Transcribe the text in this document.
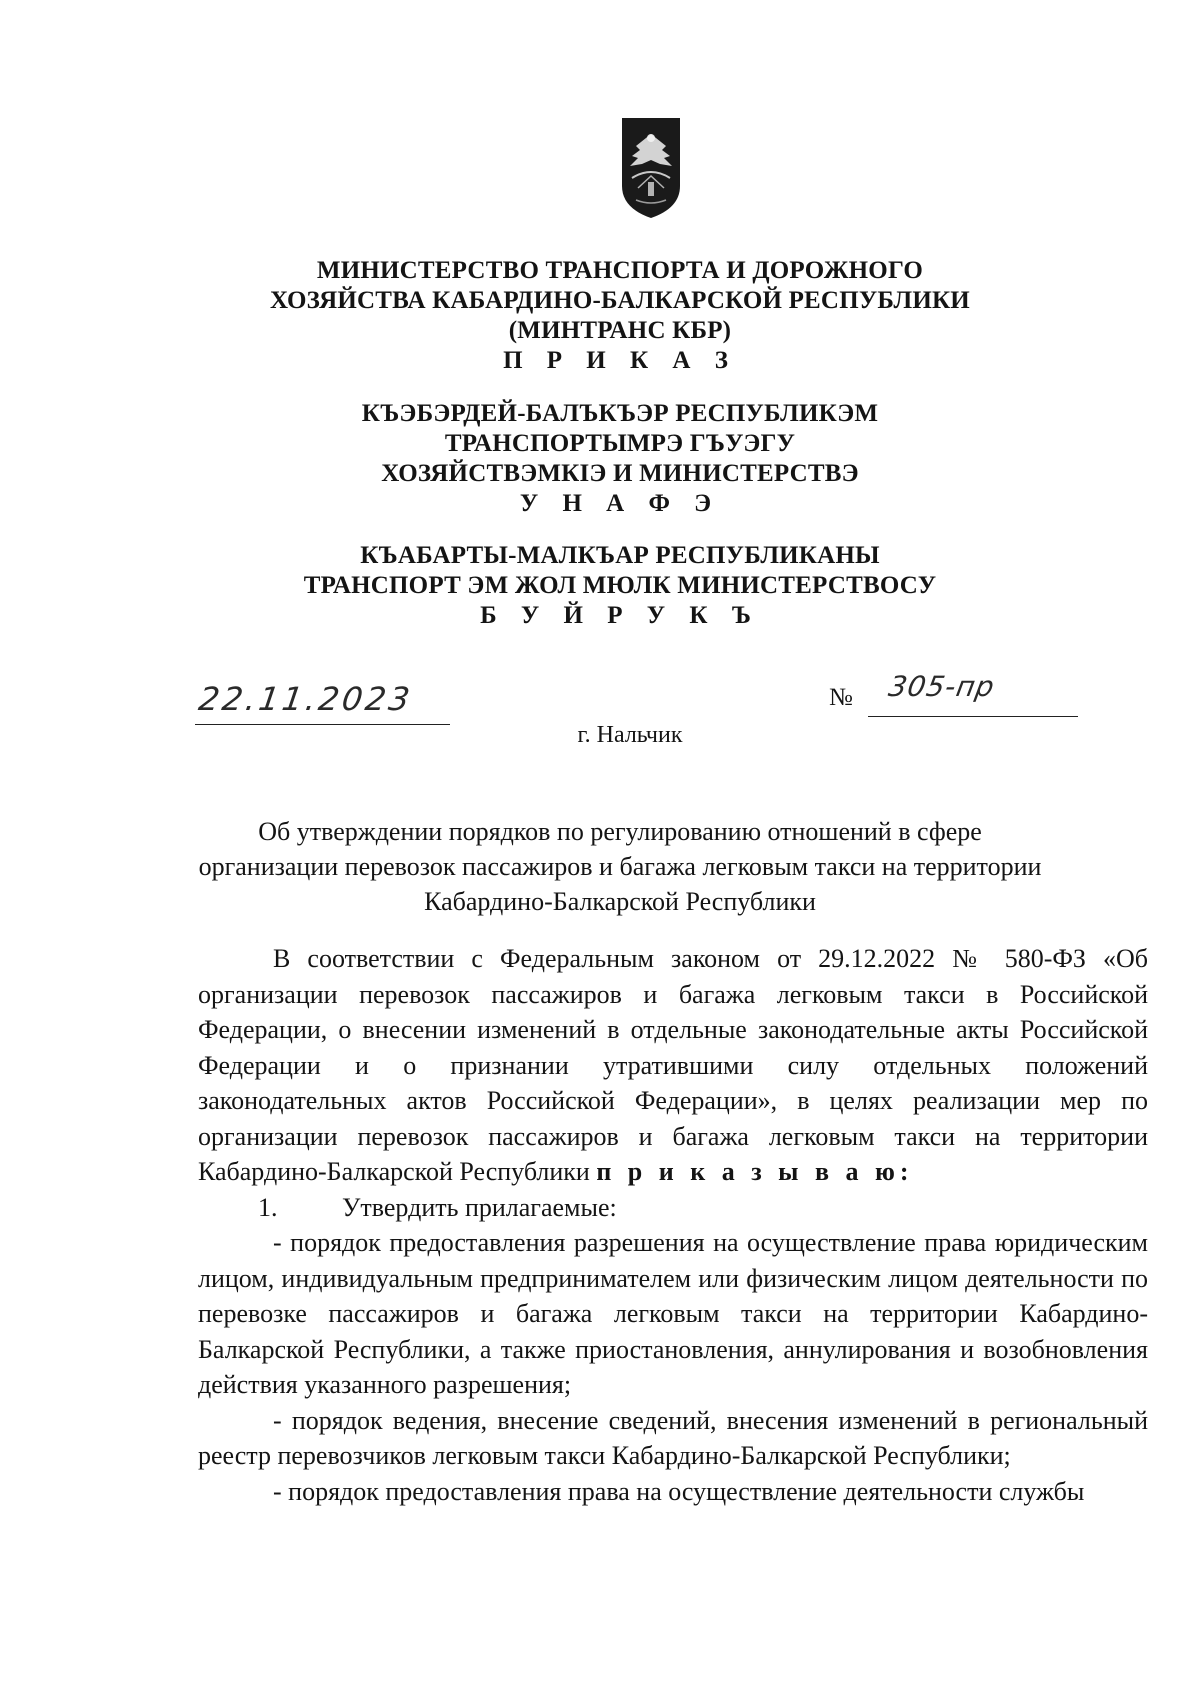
МИНИСТЕРСТВО ТРАНСПОРТА И ДОРОЖНОГО
ХОЗЯЙСТВА КАБАРДИНО-БАЛКАРСКОЙ РЕСПУБЛИКИ
(МИНТРАНС КБР)
П Р И К А З
КЪЭБЭРДЕЙ-БАЛЪКЪЭР РЕСПУБЛИКЭМ
ТРАНСПОРТЫМРЭ ГЪУЭГУ
ХОЗЯЙСТВЭМКІЭ И МИНИСТЕРСТВЭ
У Н А Ф Э
КЪАБАРТЫ-МАЛКЪАР РЕСПУБЛИКАНЫ
ТРАНСПОРТ ЭМ ЖОЛ МЮЛК МИНИСТЕРСТВОСУ
Б У Й Р У К Ъ
22.11.2023	№ 305-пр
г. Нальчик
Об утверждении порядков по регулированию отношений в сфере
организации перевозок пассажиров и багажа легковым такси на территории
Кабардино-Балкарской Республики

В соответствии с Федеральным законом от 29.12.2022 № 580-ФЗ «Об организации перевозок пассажиров и багажа легковым такси в Российской Федерации, о внесении изменений в отдельные законодательные акты Российской Федерации и о признании утратившими силу отдельных положений законодательных актов Российской Федерации», в целях реализации мер по организации перевозок пассажиров и багажа легковым такси на территории Кабардино-Балкарской Республики п р и к а з ы в а ю:

1.	Утвердить прилагаемые:

- порядок предоставления разрешения на осуществление права юридическим лицом, индивидуальным предпринимателем или физическим лицом деятельности по перевозке пассажиров и багажа легковым такси на территории Кабардино-Балкарской Республики, а также приостановления, аннулирования и возобновления действия указанного разрешения;

- порядок ведения, внесение сведений, внесения изменений в региональный реестр перевозчиков легковым такси Кабардино-Балкарской Республики;

- порядок предоставления права на осуществление деятельности службы
